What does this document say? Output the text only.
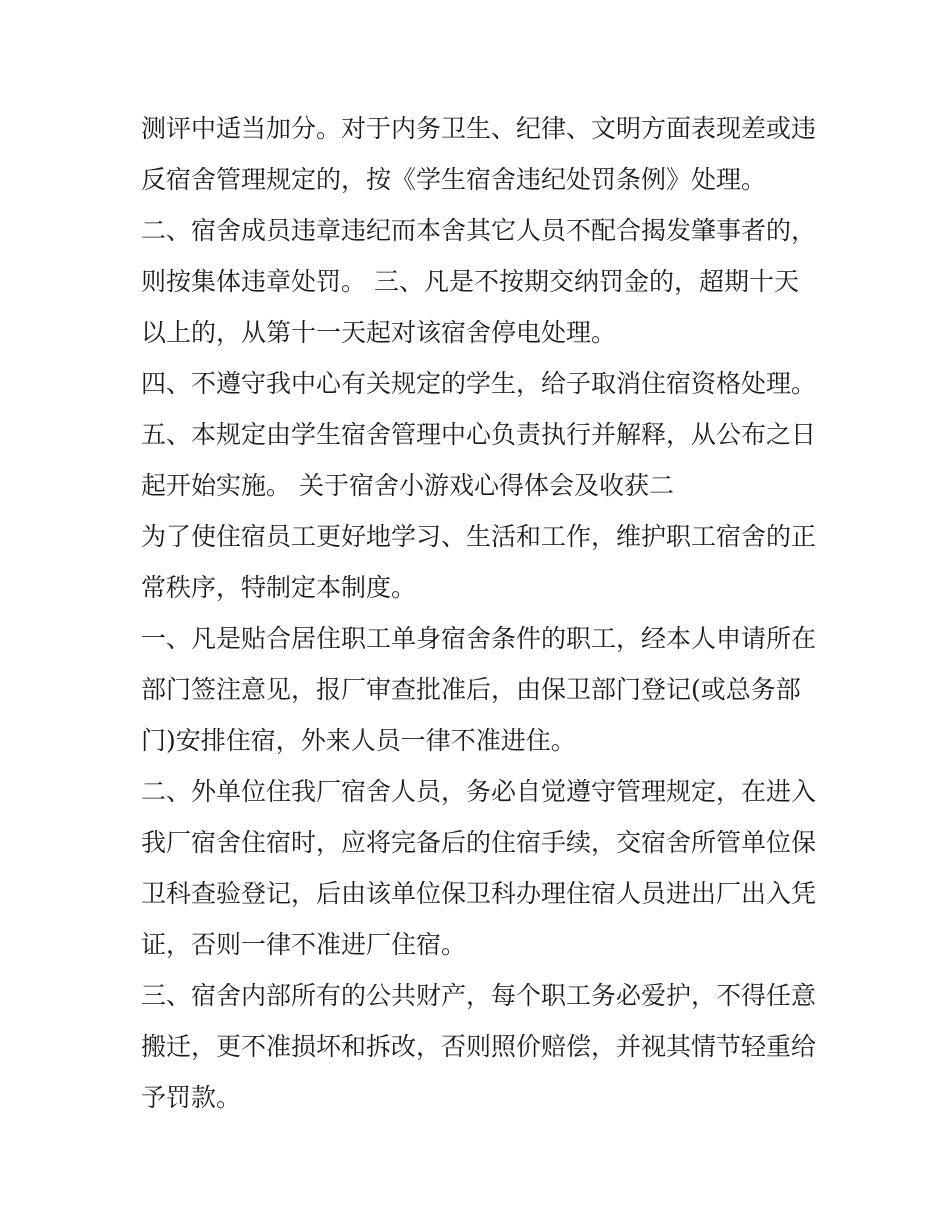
测评中适当加分。对于内务卫生、纪律、文明方面表现差或违

反宿舍管理规定的，按《学生宿舍违纪处罚条例》处理。

二、宿舍成员违章违纪而本舍其它人员不配合揭发肇事者的，

则按集体违章处罚。 三、凡是不按期交纳罚金的，超期十天

以上的，从第十一天起对该宿舍停电处理。

四、不遵守我中心有关规定的学生，给子取消住宿资格处理。

五、本规定由学生宿舍管理中心负责执行并解释，从公布之日

起开始实施。 关于宿舍小游戏心得体会及收获二

为了使住宿员工更好地学习、生活和工作，维护职工宿舍的正

常秩序，特制定本制度。

一、凡是贴合居住职工单身宿舍条件的职工，经本人申请所在

部门签注意见，报厂审查批准后，由保卫部门登记(或总务部

门)安排住宿，外来人员一律不准进住。

二、外单位住我厂宿舍人员，务必自觉遵守管理规定，在进入

我厂宿舍住宿时，应将完备后的住宿手续，交宿舍所管单位保

卫科查验登记，后由该单位保卫科办理住宿人员进出厂出入凭

证，否则一律不准进厂住宿。

三、宿舍内部所有的公共财产，每个职工务必爱护，不得任意

搬迁，更不准损坏和拆改，否则照价赔偿，并视其情节轻重给

予罚款。
